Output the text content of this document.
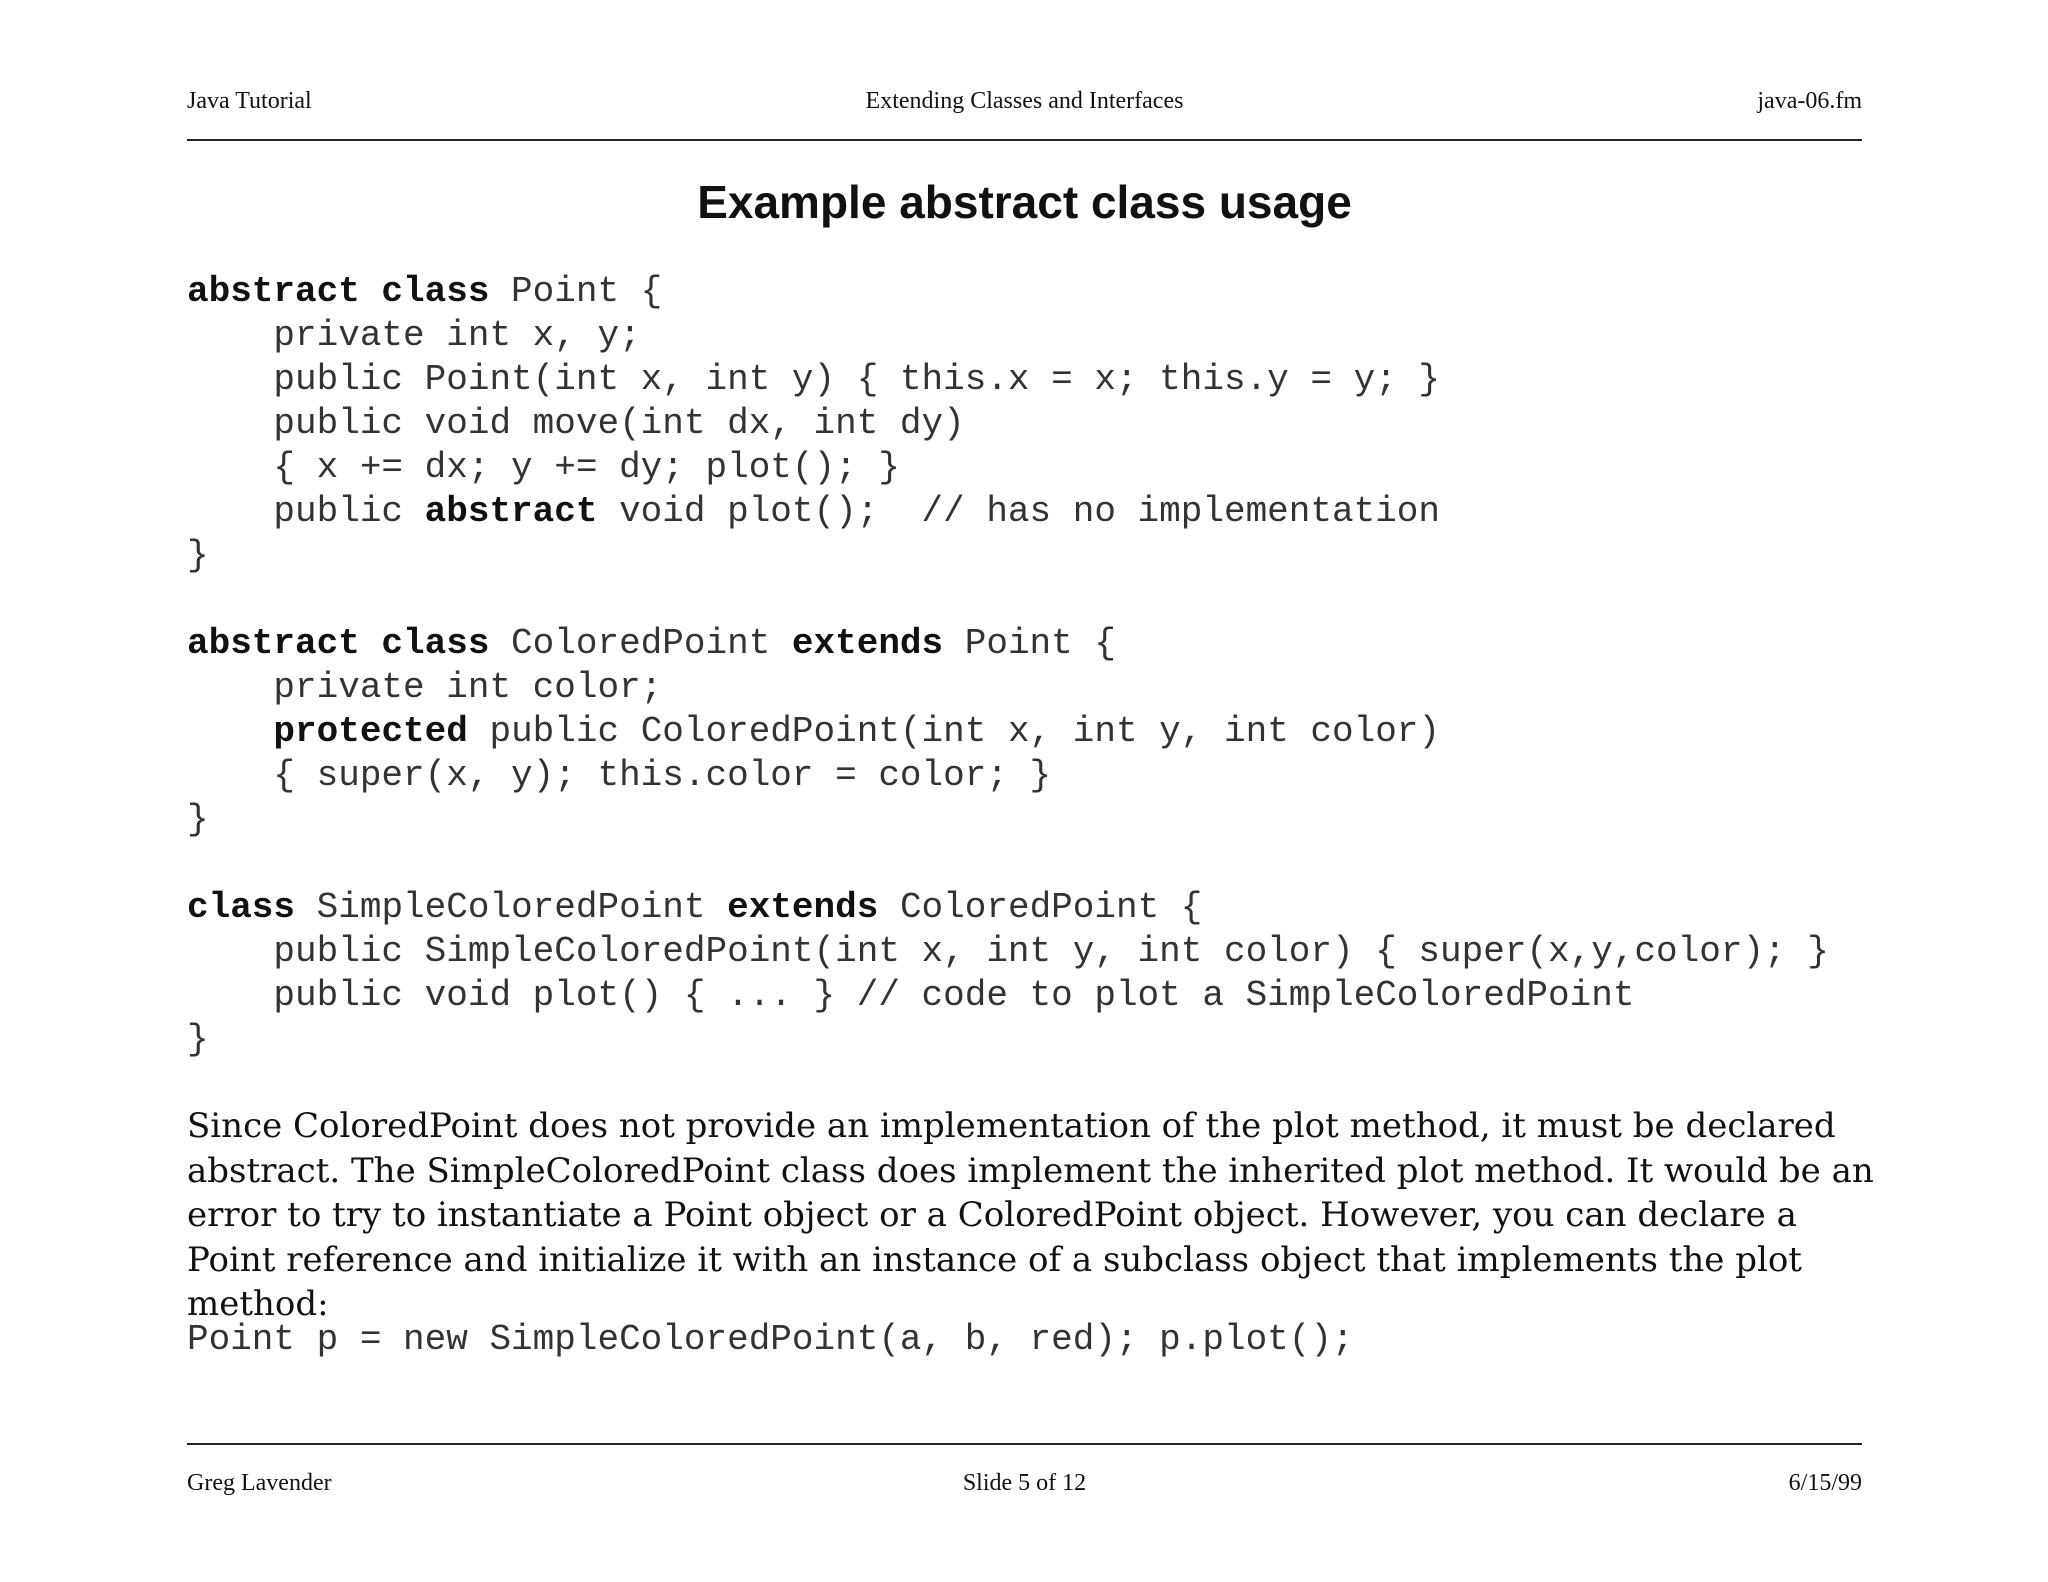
Java Tutorial	Extending Classes and Interfaces	java-06.fm
Example abstract class usage
abstract class Point {
private int x, y;
public Point(int x, int y) { this.x = x; this.y = y; }
public void move(int dx, int dy)
{ x += dx; y += dy; plot(); }
public abstract void plot();  // has no implementation
}

abstract class ColoredPoint extends Point {
private int color;
protected public ColoredPoint(int x, int y, int color)
{ super(x, y); this.color = color; }
}

class SimpleColoredPoint extends ColoredPoint {
public SimpleColoredPoint(int x, int y, int color) { super(x,y,color); }
public void plot() { ... } // code to plot a SimpleColoredPoint
}

Since ColoredPoint does not provide an implementation of the plot method, it must be declared abstract. The SimpleColoredPoint class does implement the inherited plot method. It would be an error to try to instantiate a Point object or a ColoredPoint object. However, you can declare a Point reference and initialize it with an instance of a subclass object that implements the plot method:

Point p = new SimpleColoredPoint(a, b, red); p.plot();
Greg Lavender	Slide 5 of 12	6/15/99
